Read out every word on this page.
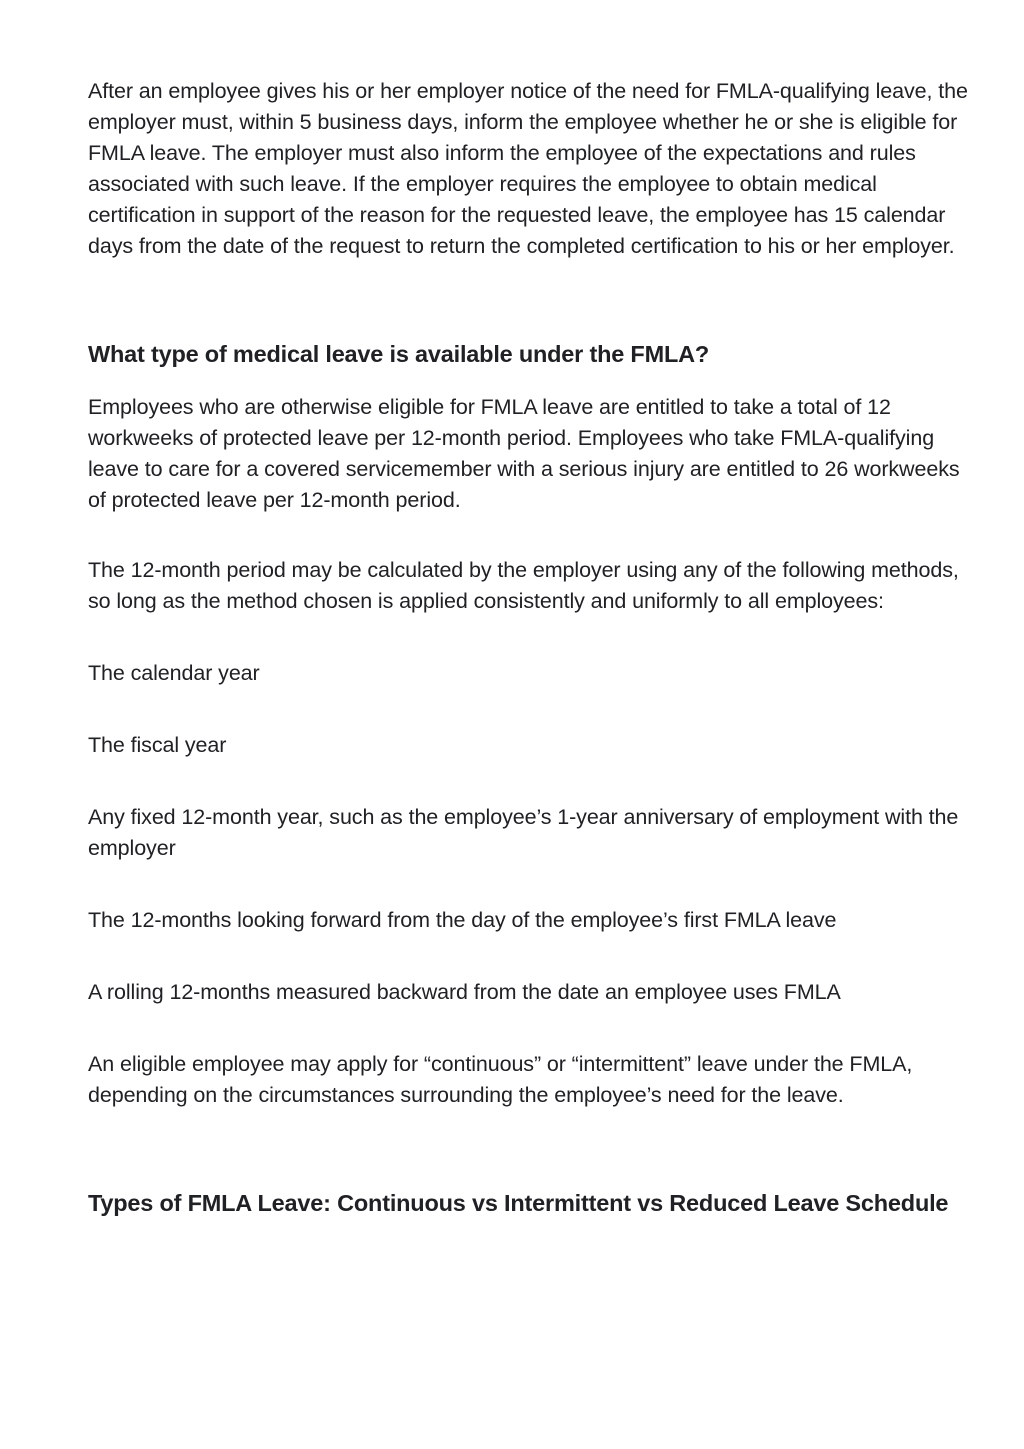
After an employee gives his or her employer notice of the need for FMLA-qualifying leave, the employer must, within 5 business days, inform the employee whether he or she is eligible for FMLA leave. The employer must also inform the employee of the expectations and rules associated with such leave. If the employer requires the employee to obtain medical certification in support of the reason for the requested leave, the employee has 15 calendar days from the date of the request to return the completed certification to his or her employer.

What type of medical leave is available under the FMLA?

Employees who are otherwise eligible for FMLA leave are entitled to take a total of 12 workweeks of protected leave per 12-month period. Employees who take FMLA-qualifying leave to care for a covered servicemember with a serious injury are entitled to 26 workweeks of protected leave per 12-month period.

The 12-month period may be calculated by the employer using any of the following methods, so long as the method chosen is applied consistently and uniformly to all employees:

The calendar year

The fiscal year

Any fixed 12-month year, such as the employee’s 1-year anniversary of employment with the employer

The 12-months looking forward from the day of the employee’s first FMLA leave

A rolling 12-months measured backward from the date an employee uses FMLA

An eligible employee may apply for “continuous” or “intermittent” leave under the FMLA, depending on the circumstances surrounding the employee’s need for the leave.

Types of FMLA Leave: Continuous vs Intermittent vs Reduced Leave Schedule
